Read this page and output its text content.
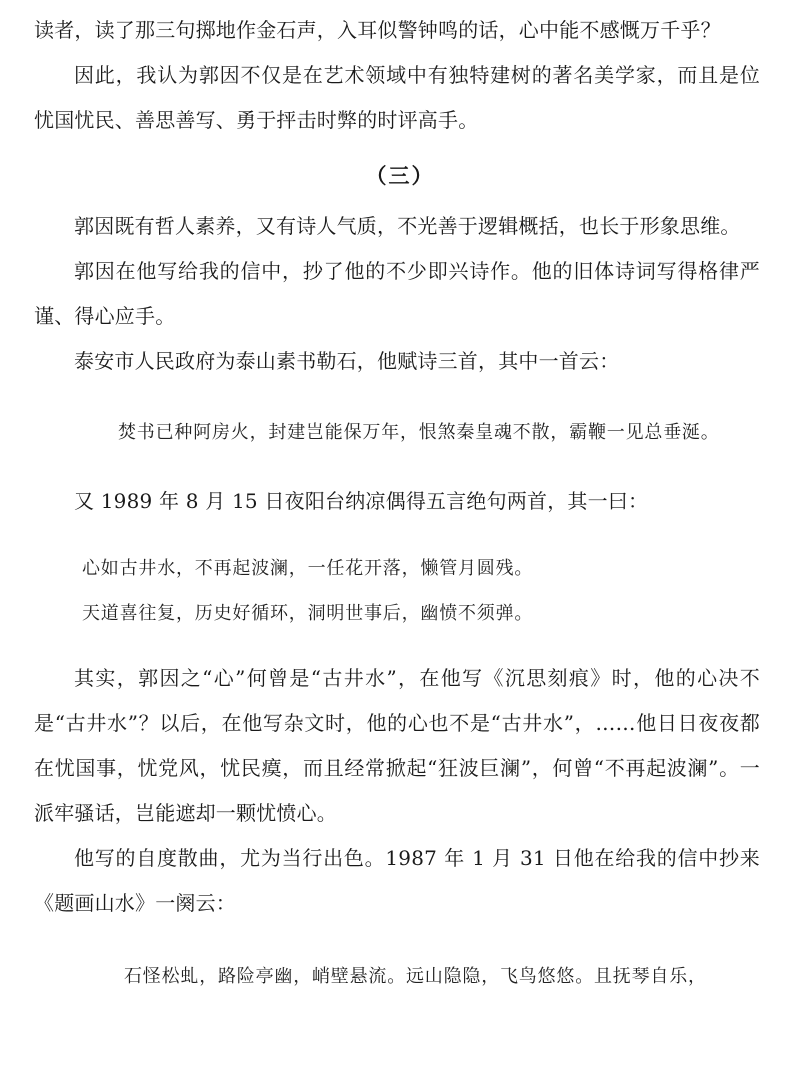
读者，读了那三句掷地作金石声，入耳似警钟鸣的话，心中能不感慨万千乎？

因此，我认为郭因不仅是在艺术领域中有独特建树的著名美学家，而且是位忧国忧民、善思善写、勇于抨击时弊的时评高手。

（三）

郭因既有哲人素养，又有诗人气质，不光善于逻辑概括，也长于形象思维。

郭因在他写给我的信中，抄了他的不少即兴诗作。他的旧体诗词写得格律严谨、得心应手。

泰安市人民政府为泰山素书勒石，他赋诗三首，其中一首云：

焚书已种阿房火，封建岂能保万年，恨煞秦皇魂不散，霸鞭一见总垂涎。

又 1989 年 8 月 15 日夜阳台纳凉偶得五言绝句两首，其一曰：

心如古井水，不再起波澜，一任花开落，懒管月圆残。

天道喜往复，历史好循环，洞明世事后，幽愤不须弹。

其实，郭因之“心”何曾是“古井水”，在他写《沉思刻痕》时，他的心决不是“古井水”？以后，在他写杂文时，他的心也不是“古井水”，……他日日夜夜都在忧国事，忧党风，忧民瘼，而且经常掀起“狂波巨澜”，何曾“不再起波澜”。一派牢骚话，岂能遮却一颗忧愤心。

他写的自度散曲，尤为当行出色。1987 年 1 月 31 日他在给我的信中抄来《题画山水》一阕云：

石怪松虬，路险亭幽，峭壁悬流。远山隐隐，飞鸟悠悠。且抚琴自乐，
